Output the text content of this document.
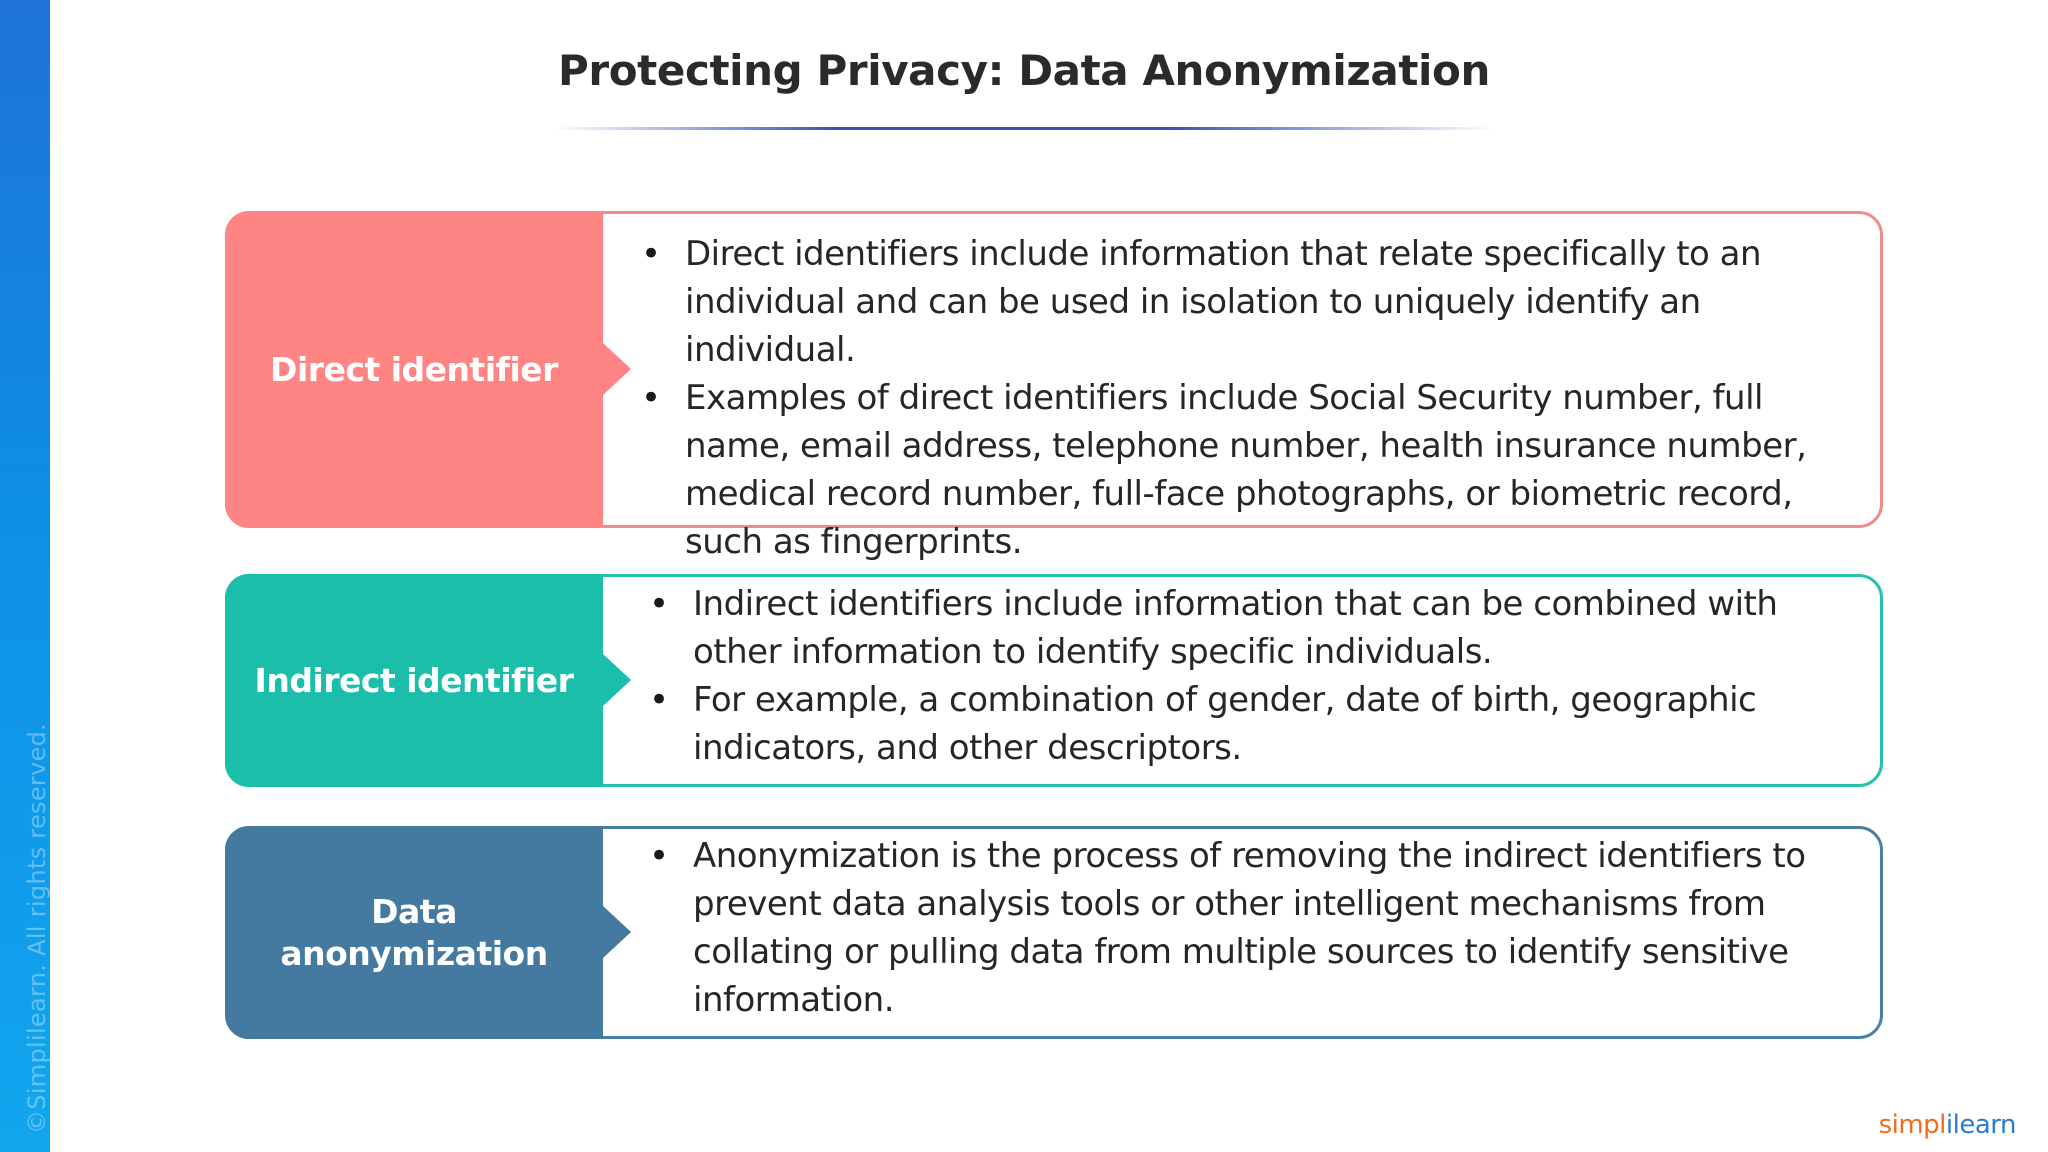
©Simplilearn. All rights reserved.
Protecting Privacy: Data Anonymization
Direct identifier
• Direct identifiers include information that relate specifically to an individual and can be used in isolation to uniquely identify an individual.
• Examples of direct identifiers include Social Security number, full name, email address, telephone number, health insurance number, medical record number, full-face photographs, or biometric record, such as fingerprints.
Indirect identifier
• Indirect identifiers include information that can be combined with other information to identify specific individuals.
• For example, a combination of gender, date of birth, geographic indicators, and other descriptors.
Data anonymization
• Anonymization is the process of removing the indirect identifiers to prevent data analysis tools or other intelligent mechanisms from collating or pulling data from multiple sources to identify sensitive information.
simplilearn
